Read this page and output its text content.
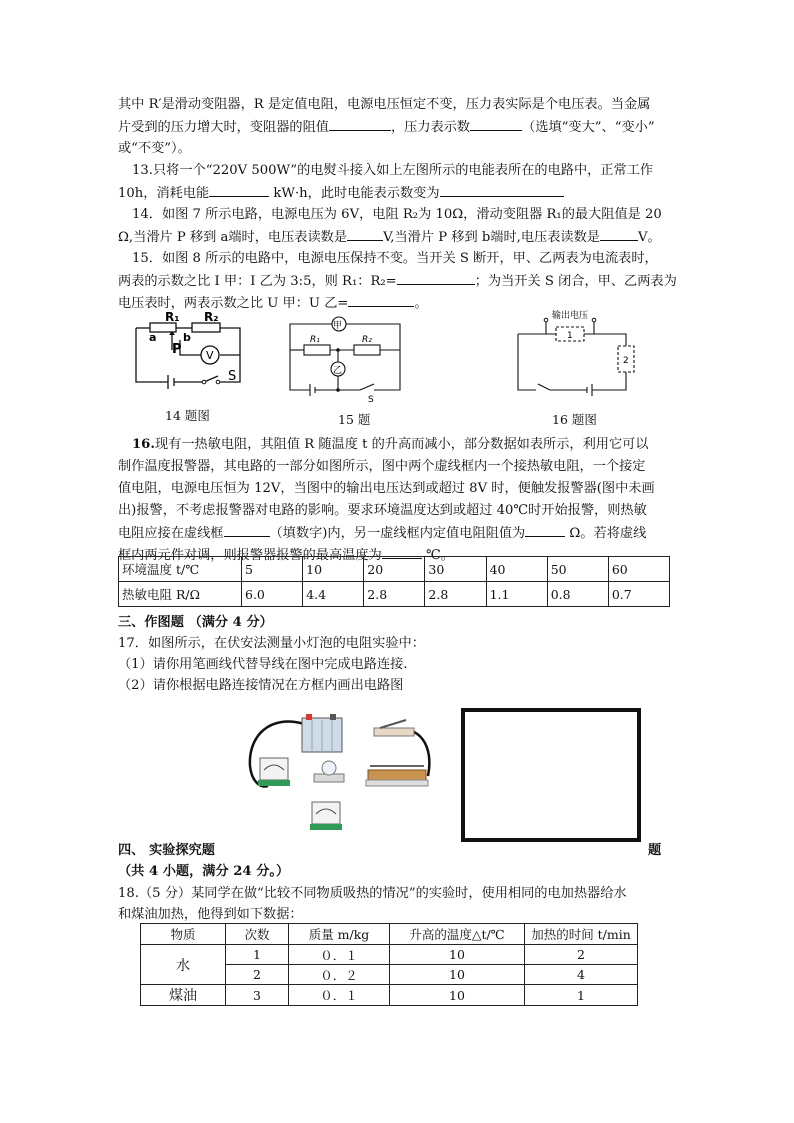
其中 R′是滑动变阻器，R 是定值电阻，电源电压恒定不变，压力表实际是个电压表。当金属
片受到的压力增大时，变阻器的阻值	，压力表示数	（选填“变大”、“变小”
或“不变”）。
13.只将一个“220V 500W”的电熨斗接入如上左图所示的电能表所在的电路中，正常工作
10h，消耗电能	kW·h，此时电能表示数变为
14．如图 7 所示电路，电源电压为 6V，电阻 R₂为 10Ω，滑动变阻器 R₁的最大阻值是 20
Ω,当滑片 P 移到 a端时，电压表读数是	V,当滑片 P 移到 b端时,电压表读数是	V。
15．如图 8 所示的电路中，电源电压保持不变。当开关 S 断开，甲、乙两表为电流表时，
两表的示数之比 I 甲：I 乙为 3:5，则 R₁：R₂=	；为当开关 S 闭合，甲、乙两表为
电压表时，两表示数之比 U 甲：U 乙=	。
R₁ R₂
a b
P V
S
14 题图
甲
乙
R₁	R₂
S
15 题
输出电压
1
2
16 题图
16.现有一热敏电阻，其阻值 R 随温度 t 的升高而减小，部分数据如表所示，利用它可以
制作温度报警器，其电路的一部分如图所示，图中两个虚线框内一个接热敏电阻，一个接定
值电阻，电源电压恒为 12V，当图中的输出电压达到或超过 8V 时，便触发报警器(图中未画
出)报警，不考虑报警器对电路的影响。要求环境温度达到或超过 40℃时开始报警，则热敏
电阻应接在虚线框	（填数字)内，另一虚线框内定值电阻阻值为	Ω。若将虚线
框内两元件对调，则报警器报警的最高温度为	℃。
环境温度 t/℃	5	10	20	30	40	50	60
热敏电阻 R/Ω	6.0	4.4	2.8	2.8	1.1	0.8	0.7
三、作图题 （满分 4 分）
17．如图所示，在伏安法测量小灯泡的电阻实验中：
（1）请你用笔画线代替导线在图中完成电路连接.
（2）请你根据电路连接情况在方框内画出电路图
四、 实验探究题	题
（共 4 小题，满分 24 分。）
18.（5 分）某同学在做“比较不同物质吸热的情况”的实验时，使用相同的电加热器给水
和煤油加热，他得到如下数据：
物质	次数	质量 m/kg	升高的温度△t/℃	加热的时间 t/min
水	1	０．１	10	2
	2	０．２	10	4
煤油	3	０．１	10	1
